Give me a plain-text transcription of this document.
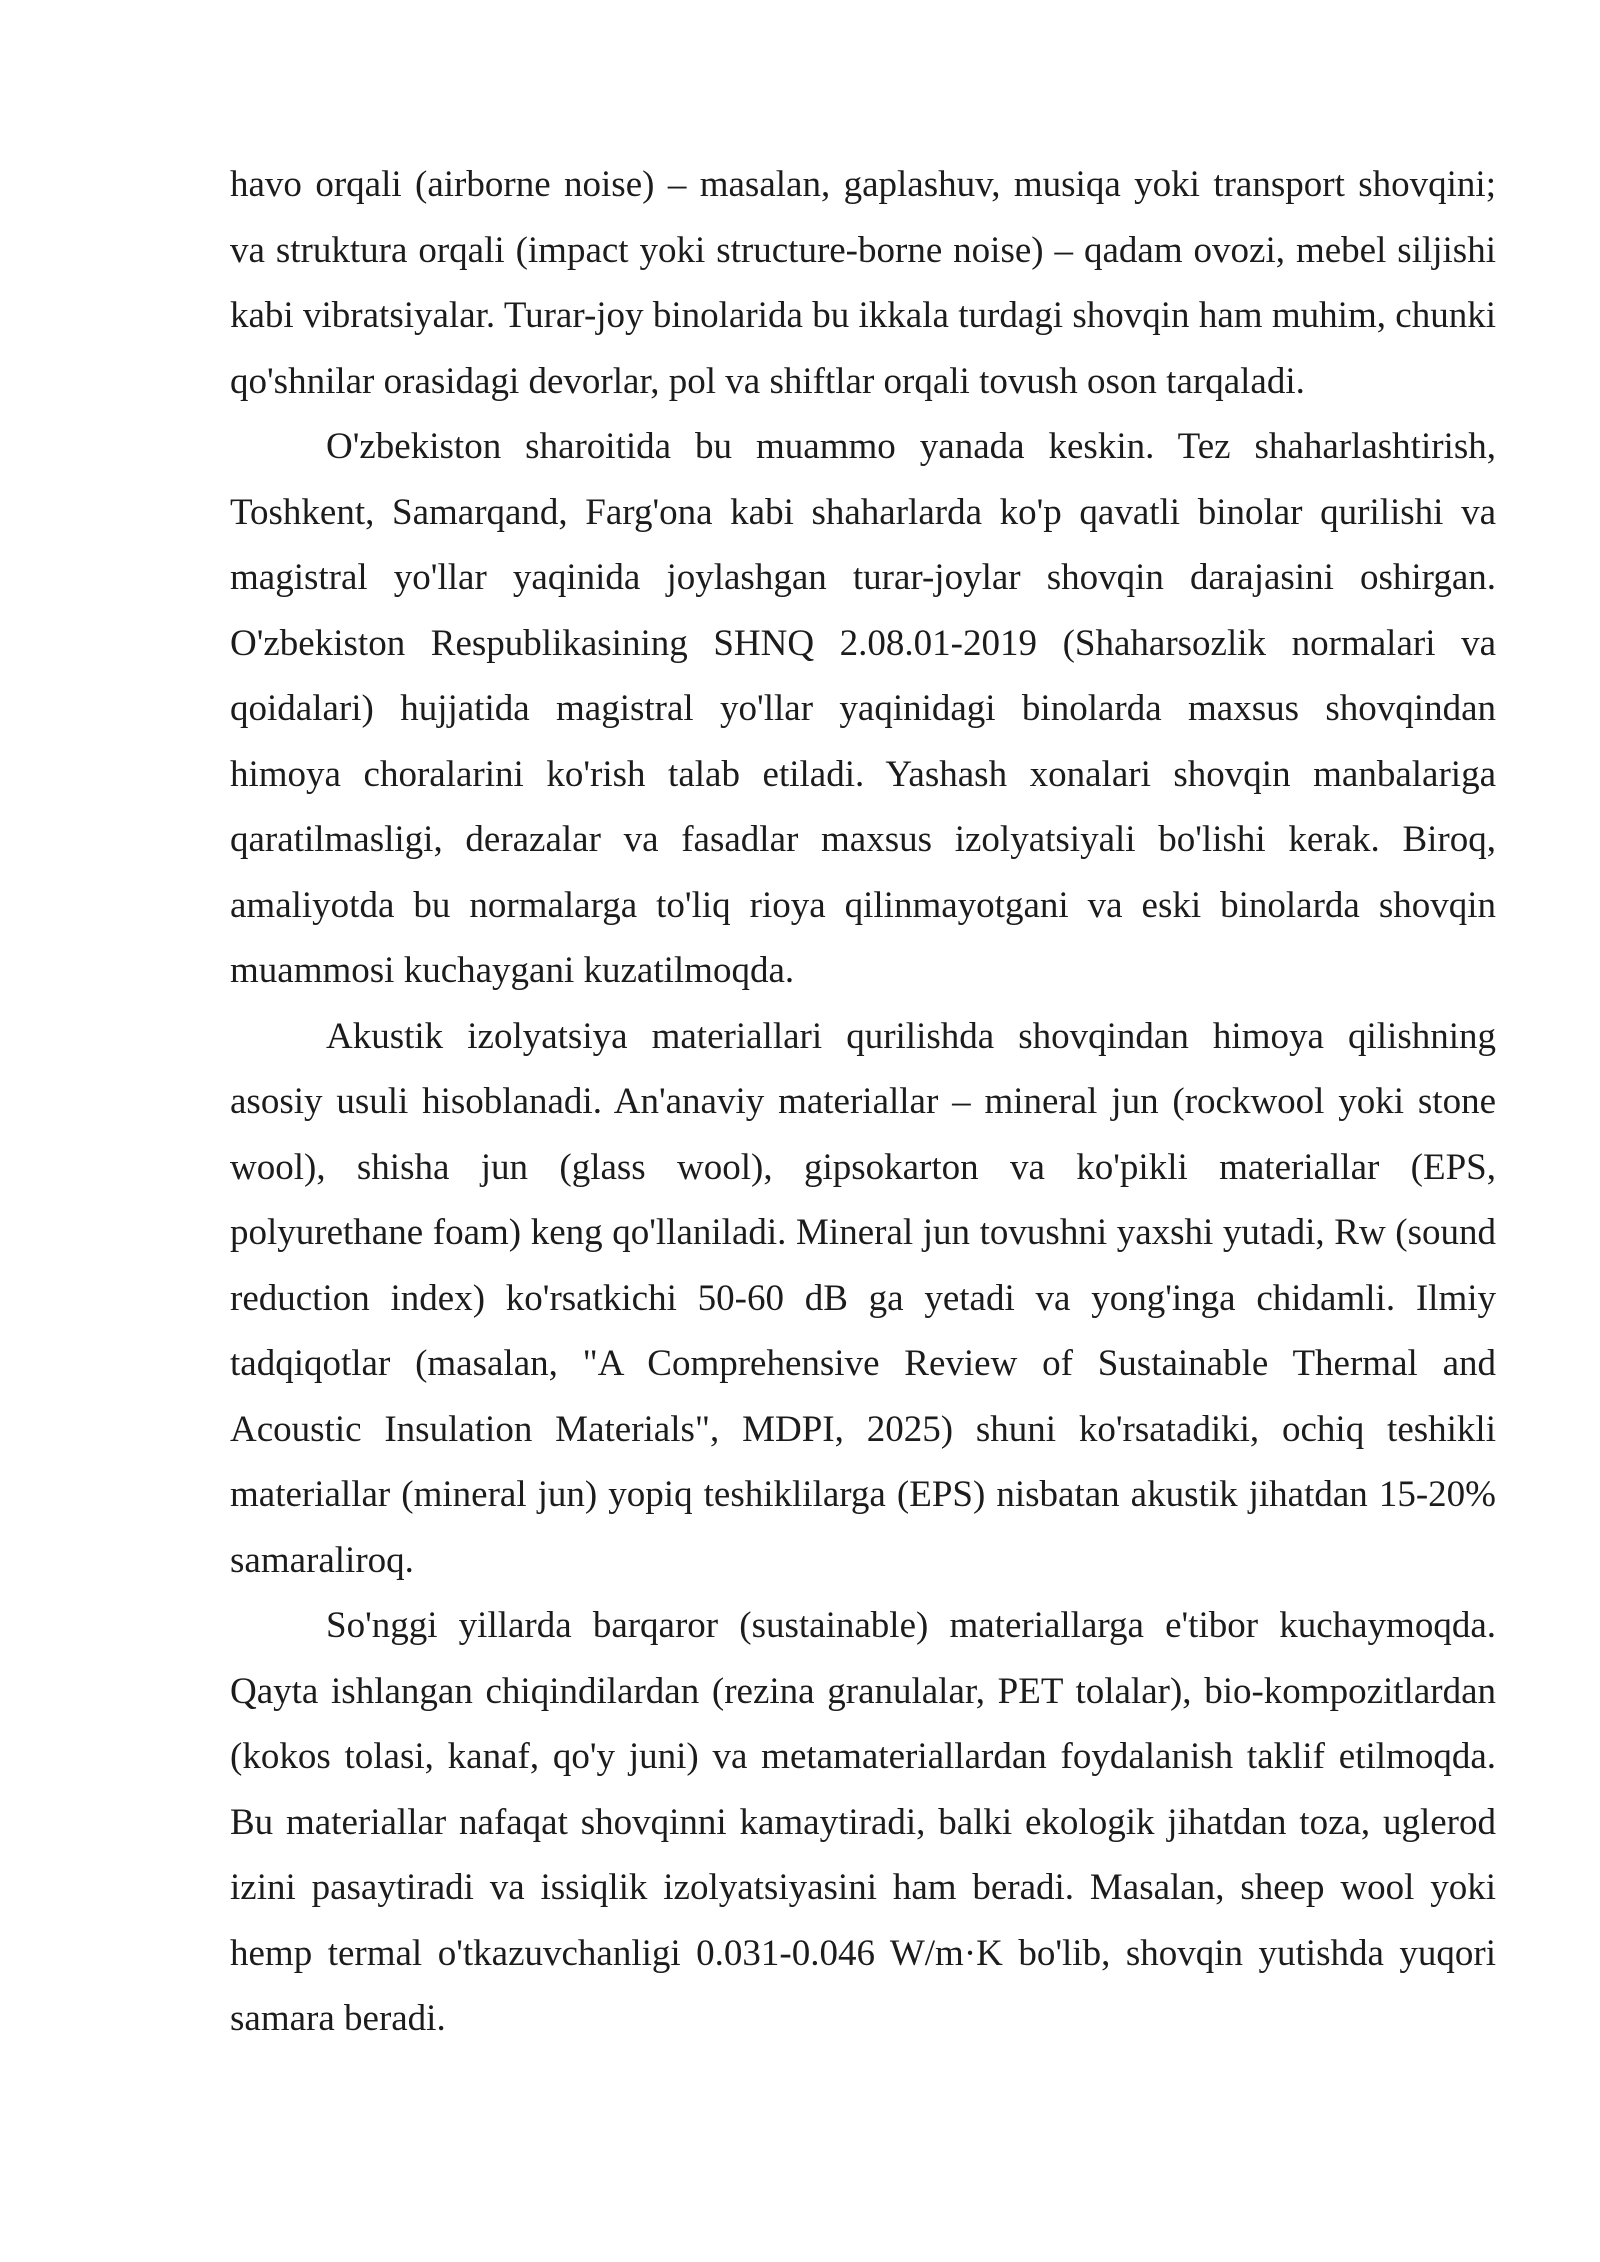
havo orqali (airborne noise) – masalan, gaplashuv, musiqa yoki transport shovqini; va struktura orqali (impact yoki structure-borne noise) – qadam ovozi, mebel siljishi kabi vibratsiyalar. Turar-joy binolarida bu ikkala turdagi shovqin ham muhim, chunki qo'shnilar orasidagi devorlar, pol va shiftlar orqali tovush oson tarqaladi.

O'zbekiston sharoitida bu muammo yanada keskin. Tez shaharlashtirish, Toshkent, Samarqand, Farg'ona kabi shaharlarda ko'p qavatli binolar qurilishi va magistral yo'llar yaqinida joylashgan turar-joylar shovqin darajasini oshirgan. O'zbekiston Respublikasining SHNQ 2.08.01-2019 (Shaharsozlik normalari va qoidalari) hujjatida magistral yo'llar yaqinidagi binolarda maxsus shovqindan himoya choralarini ko'rish talab etiladi. Yashash xonalari shovqin manbalariga qaratilmasligi, derazalar va fasadlar maxsus izolyatsiyali bo'lishi kerak. Biroq, amaliyotda bu normalarga to'liq rioya qilinmayotgani va eski binolarda shovqin muammosi kuchaygani kuzatilmoqda.

Akustik izolyatsiya materiallari qurilishda shovqindan himoya qilishning asosiy usuli hisoblanadi. An'anaviy materiallar – mineral jun (rockwool yoki stone wool), shisha jun (glass wool), gipsokarton va ko'pikli materiallar (EPS, polyurethane foam) keng qo'llaniladi. Mineral jun tovushni yaxshi yutadi, Rw (sound reduction index) ko'rsatkichi 50-60 dB ga yetadi va yong'inga chidamli. Ilmiy tadqiqotlar (masalan, "A Comprehensive Review of Sustainable Thermal and Acoustic Insulation Materials", MDPI, 2025) shuni ko'rsatadiki, ochiq teshikli materiallar (mineral jun) yopiq teshiklilarga (EPS) nisbatan akustik jihatdan 15-20% samaraliroq.

So'nggi yillarda barqaror (sustainable) materiallarga e'tibor kuchaymoqda. Qayta ishlangan chiqindilardan (rezina granulalar, PET tolalar), bio-kompozitlardan (kokos tolasi, kanaf, qo'y juni) va metamateriallardan foydalanish taklif etilmoqda. Bu materiallar nafaqat shovqinni kamaytiradi, balki ekologik jihatdan toza, uglerod izini pasaytiradi va issiqlik izolyatsiyasini ham beradi. Masalan, sheep wool yoki hemp termal o'tkazuvchanligi 0.031-0.046 W/m·K bo'lib, shovqin yutishda yuqori samara beradi.
